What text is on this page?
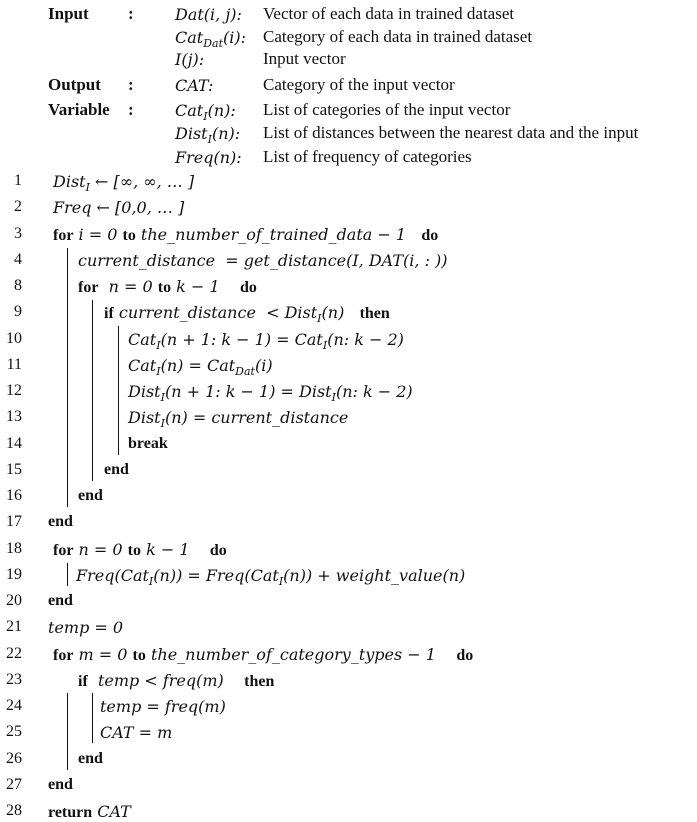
Input :	Dat(i, j): Vector of each data in trained dataset
Cat$_{Dat}$(i): Category of each data in trained dataset
I(j):	Input vector
Output :	CAT:	Category of the input vector
Variable :	Cat$_I$(n): List of categories of the input vector
Dist$_I$(n): List of distances between the nearest data and the input
Freq(n): List of frequency of categories
1 Dist$_I$ ← [∞, ∞, … ]
2 Freq ← [0,0, … ]
3 for i = 0 to the_number_of_trained_data − 1   do
4	current_distance  = get_distance(I, DAT(i, : ))
8	for  n = 0 to k − 1    do
9	if current_distance  < Dist$_I$(n)   then
10	Cat$_I$(n + 1: k − 1) = Cat$_I$(n: k − 2)
11	Cat$_I$(n) = Cat$_{Dat}$(i)
12	Dist$_I$(n + 1: k − 1) = Dist$_I$(n: k − 2)
13	Dist$_I$(n) = current_distance
14	break
15	end
16	end
17 end
18 for n = 0 to k − 1    do
19	Freq(Cat$_I$(n)) = Freq(Cat$_I$(n)) + weight_value(n)
20 end
21 temp = 0
22 for m = 0 to the_number_of_category_types − 1    do
23	if  temp < freq(m)    then
24	temp = freq(m)
25	CAT = m
26	end
27 end
28 return CAT
